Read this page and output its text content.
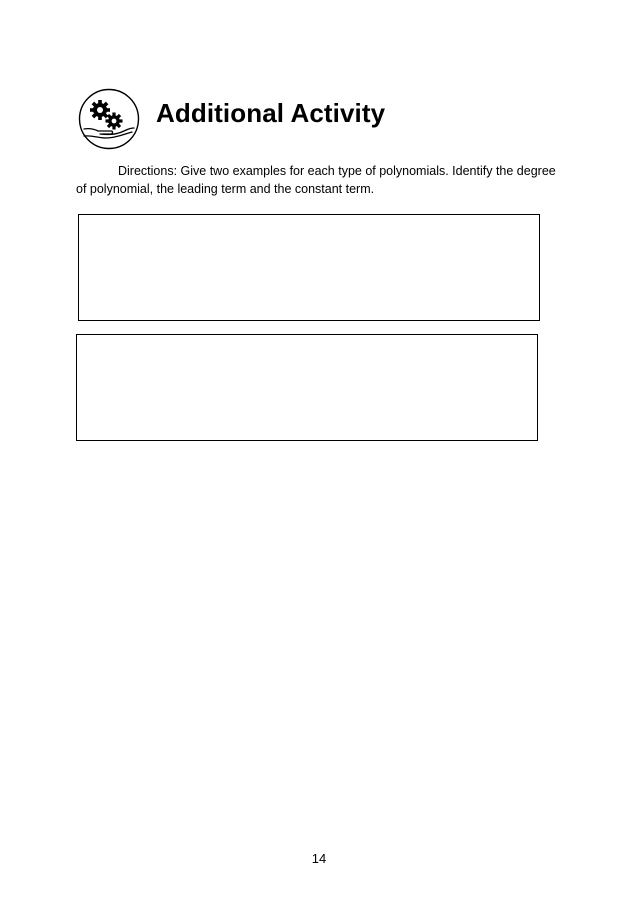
Additional Activity

Directions: Give two examples for each type of polynomials. Identify the degree of polynomial, the leading term and the constant term.

14
